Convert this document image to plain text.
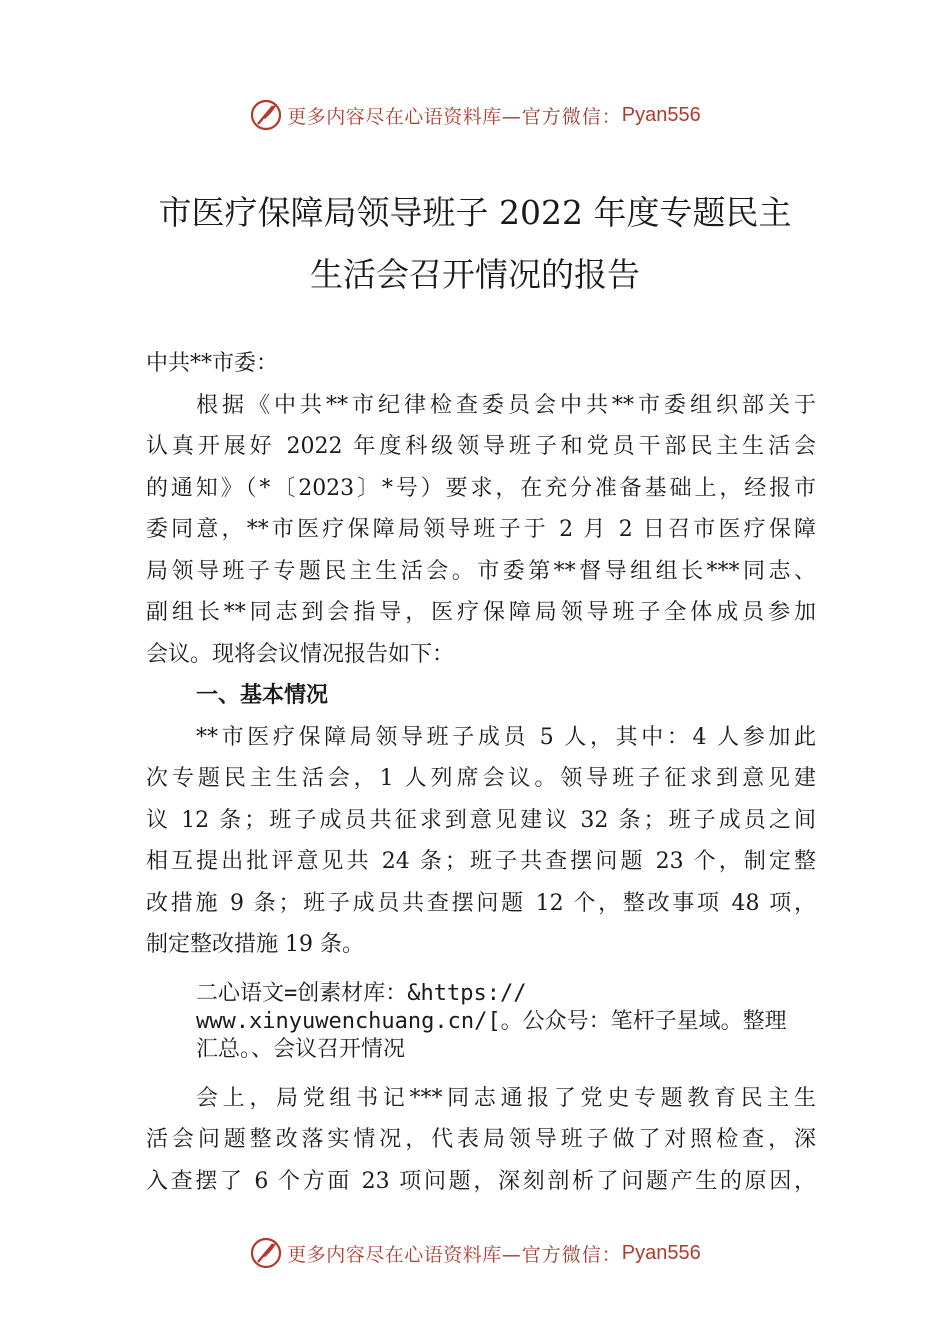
更多内容尽在心语资料库 —官方微信： Pyan556
市医疗保障局领导班子 2022 年度专题民主
生活会召开情况的报告
中共**市委：
根据《中共**市纪律检查委员会中共**市委组织部关于
认真开展好 2022 年度科级领导班子和党员干部民主生活会
的通知》（*〔2023〕*号）要求，在充分准备基础上，经报市
委同意，**市医疗保障局领导班子于 2 月 2 日召市医疗保障
局领导班子专题民主生活会。市委第**督导组组长***同志、
副组长**同志到会指导，医疗保障局领导班子全体成员参加
会议。现将会议情况报告如下：
一、基本情况
**市医疗保障局领导班子成员 5 人，其中：4 人参加此
次专题民主生活会，1 人列席会议。领导班子征求到意见建
议 12 条；班子成员共征求到意见建议 32 条；班子成员之间
相互提出批评意见共 24 条；班子共查摆问题 23 个，制定整
改措施 9 条；班子成员共查摆问题 12 个，整改事项 48 项，
制定整改措施 19 条。
二心语文=创素材库：&https://
www.xinyuwenchuang.cn/[。公众号：笔杆子星域。整理
汇总。、会议召开情况
会上，局党组书记***同志通报了党史专题教育民主生
活会问题整改落实情况，代表局领导班子做了对照检查，深
入查摆了 6 个方面 23 项问题，深刻剖析了问题产生的原因，
更多内容尽在心语资料库 —官方微信： Pyan556
